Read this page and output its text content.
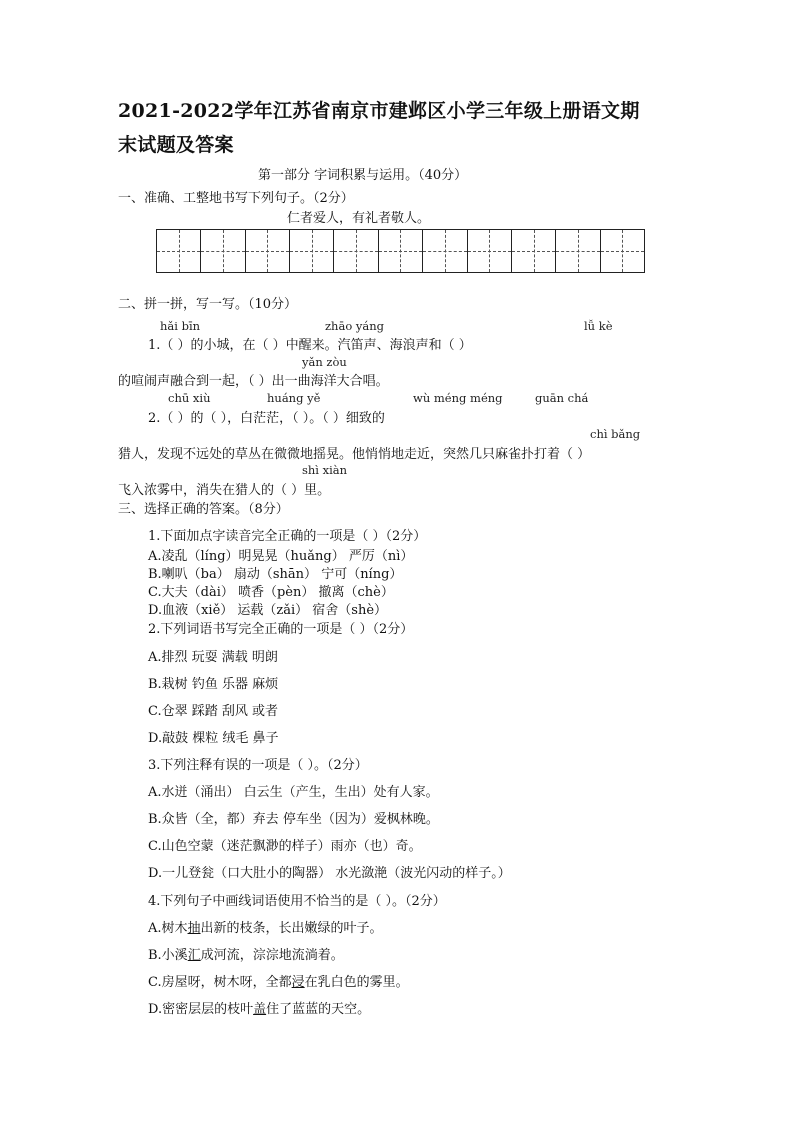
2021-2022学年江苏省南京市建邺区小学三年级上册语文期
末试题及答案
第一部分 字词积累与运用。（40分）
一、准确、工整地书写下列句子。（2分）
仁者爱人，有礼者敬人。
二、拼一拼，写一写。（10分）
hǎi bīn	zhāo yáng	lǚ kè
1.（ ）的小城，在（ ）中醒来。汽笛声、海浪声和（ ）
yǎn zòu
的喧闹声融合到一起，（ ）出一曲海洋大合唱。
chū xiù	huáng yě	wù méng méng	guān chá
2.（ ）的（ ），白茫茫，（ ）。（ ）细致的
chì bǎng
猎人，发现不远处的草丛在微微地摇晃。他悄悄地走近，突然几只麻雀扑打着（ ）
shì xiàn
飞入浓雾中，消失在猎人的（ ）里。
三、选择正确的答案。（8分）
1.下面加点字读音完全正确的一项是（ ）（2分）
A.凌乱（líng）明晃晃（huǎng） 严厉（nì）
B.喇叭（ba） 扇动（shān） 宁可（níng）
C.大夫（dài） 喷香（pèn） 撤离（chè）
D.血液（xiě） 运载（zǎi） 宿舍（shè）
2.下列词语书写完全正确的一项是（ ）（2分）
A.排烈 玩耍 满载 明朗
B.栽树 钓鱼 乐器 麻烦
C.仓翠 踩踏 刮风 或者
D.敲鼓 棵粒 绒毛 鼻子
3.下列注释有误的一项是（ ）。（2分）
A.水迸（涌出） 白云生（产生，生出）处有人家。
B.众皆（全，都）弃去 停车坐（因为）爱枫林晚。
C.山色空蒙（迷茫飘渺的样子）雨亦（也）奇。
D.一儿登瓮（口大肚小的陶器） 水光潋滟（波光闪动的样子。）
4.下列句子中画线词语使用不恰当的是（ ）。（2分）
A.树木抽出新的枝条，长出嫩绿的叶子。
B.小溪汇成河流，淙淙地流淌着。
C.房屋呀，树木呀，全都浸在乳白色的雾里。
D.密密层层的枝叶盖住了蓝蓝的天空。
